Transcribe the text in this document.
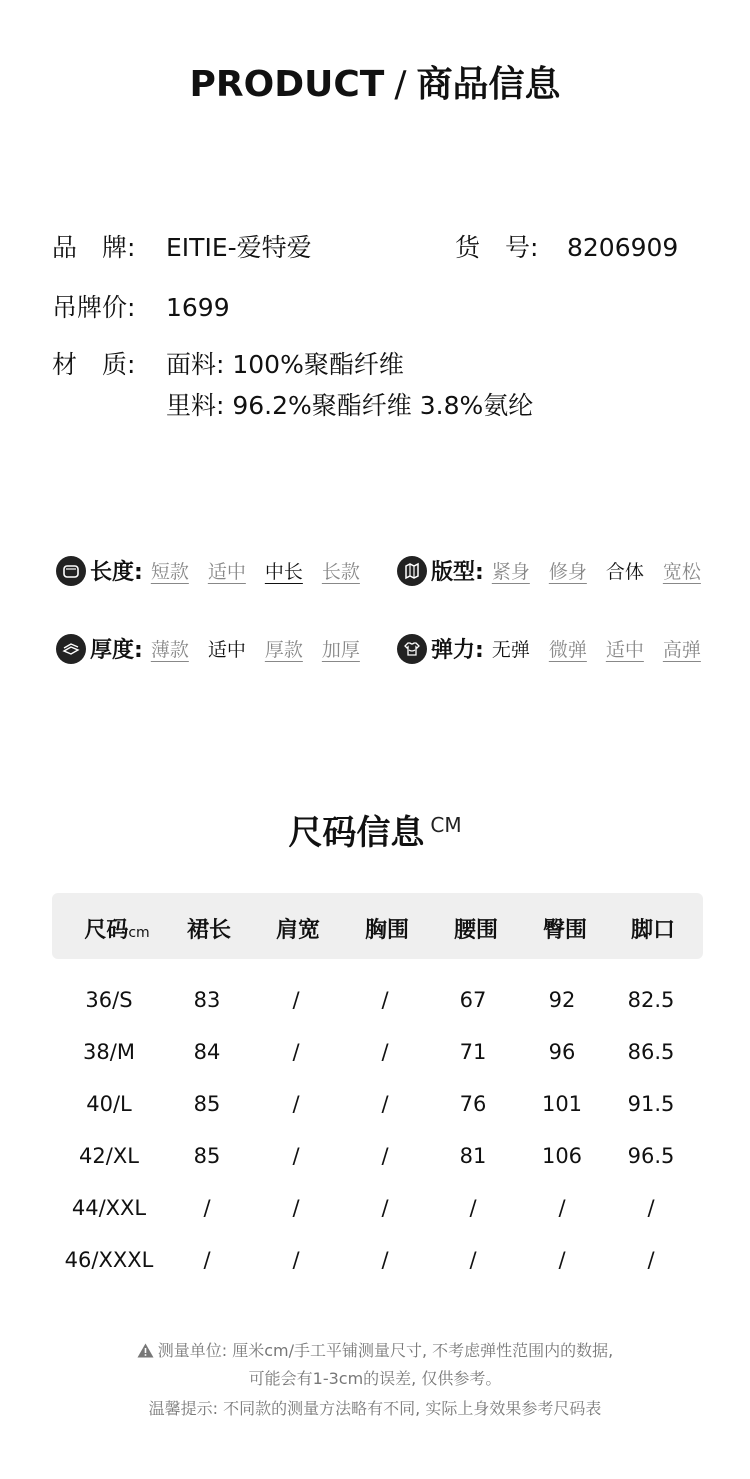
PRODUCT / 商品信息
品　牌: EITIE-爱特爱	货　号: 8206909
吊牌价: 1699
材　质: 面料: 100%聚酯纤维
里料: 96.2%聚酯纤维 3.8%氨纶
长度: 短款 适中 中长 长款	版型: 紧身 修身 合体 宽松
厚度: 薄款 适中 厚款 加厚	弹力: 无弹 微弹 适中 高弹
尺码信息 CM
尺码cm 裙长 肩宽 胸围 腰围 臀围 脚口
36/S	83	/	/	67	92 82.5
38/M	84	/	/	71	96 86.5
40/L	85	/	/	76	101 91.5
42/XL	85	/	/	81	106 96.5
44/XXL	/	/	/	/	/	/
46/XXXL /	/	/	/	/	/
测量单位: 厘米cm/手工平铺测量尺寸, 不考虑弹性范围内的数据,
可能会有1-3cm的误差, 仅供参考。
温馨提示: 不同款的测量方法略有不同, 实际上身效果参考尺码表
